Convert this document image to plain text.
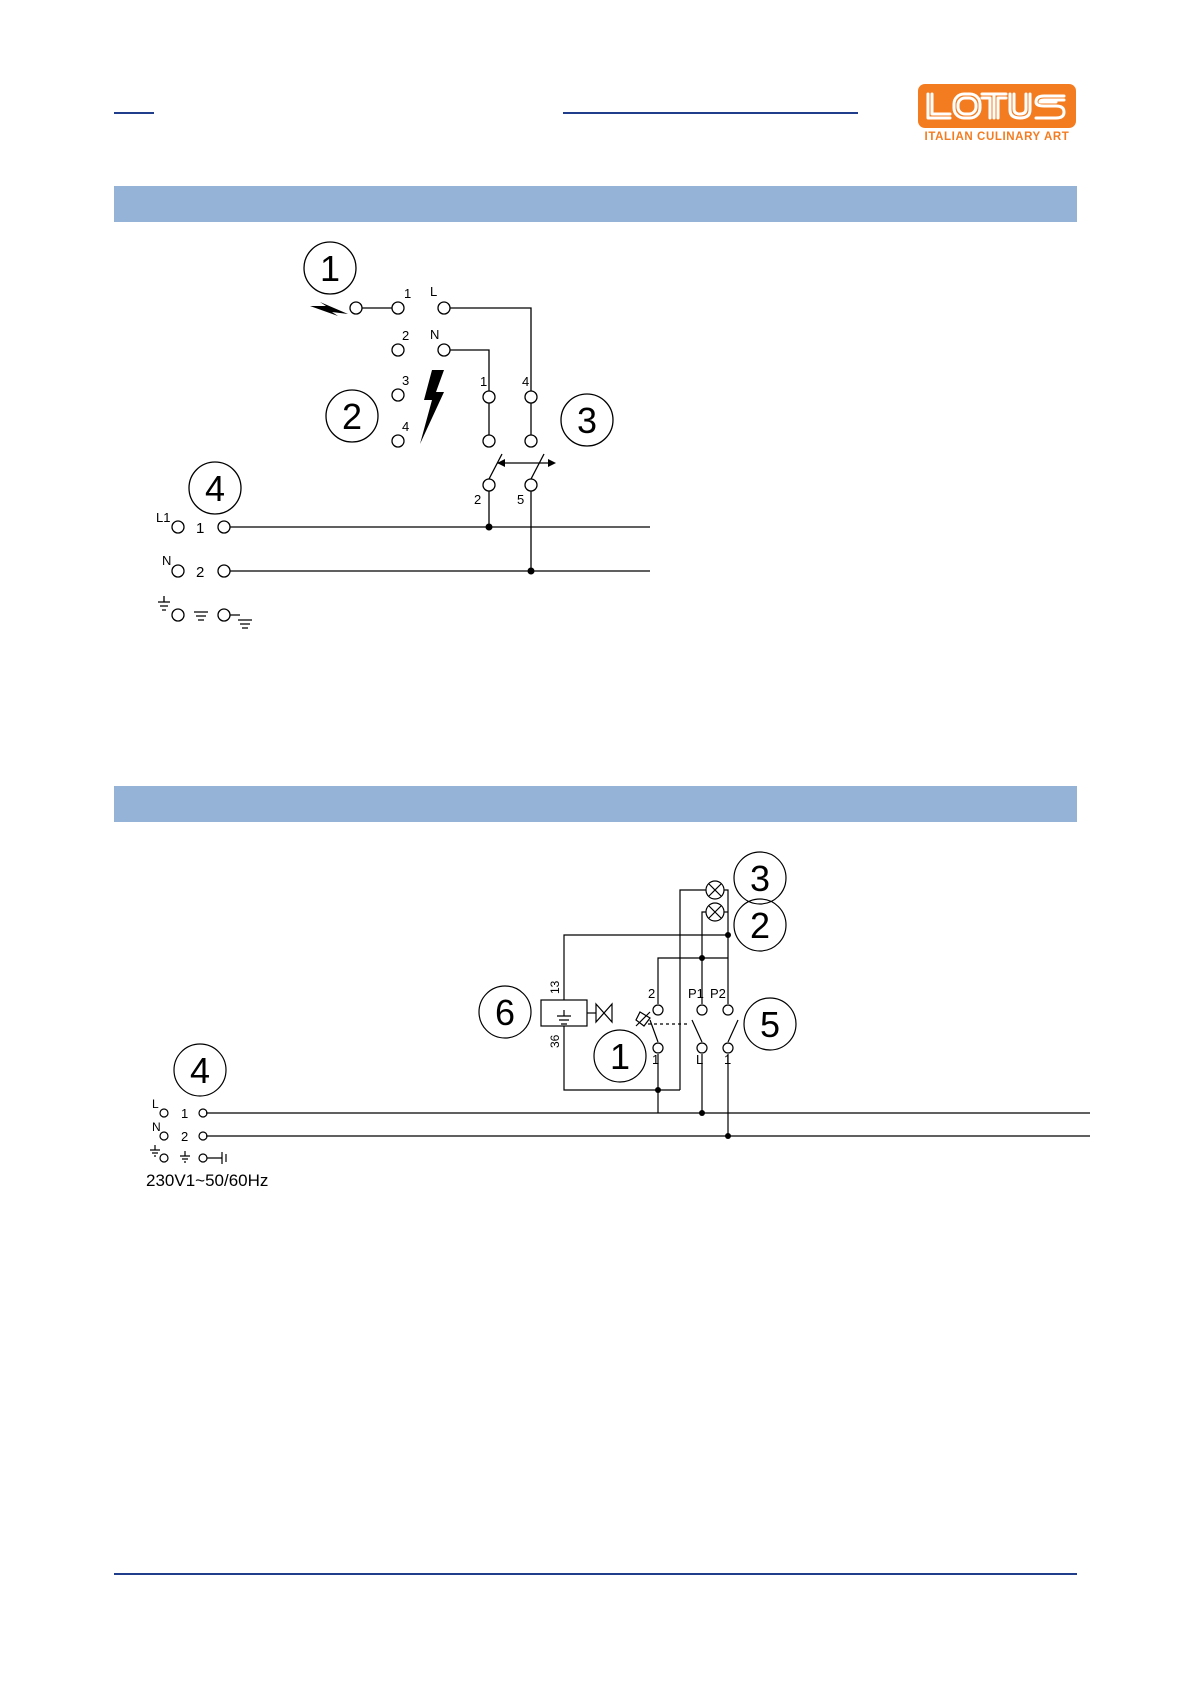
ITALIAN CULINARY ART
1
2	3
4
1 L
2 N
3
4
1	4
2	5
L1
1
N
2
3
2
6
1
5
4
13
36
2
1
P1 P2
L 1
L
1
N
2
230V1~50/60Hz
